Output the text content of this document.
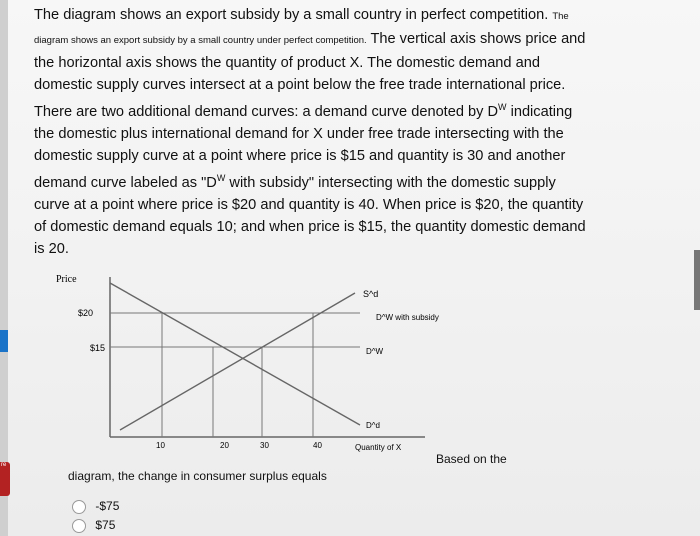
re
The diagram shows an export subsidy by a small country in perfect competition. The diagram shows an export subsidy by a small country under perfect competition. The vertical axis shows price and the horizontal axis shows the quantity of product X. The domestic demand and domestic supply curves intersect at a point below the free trade international price. There are two additional demand curves: a demand curve denoted by $D^W$ indicating the domestic plus international demand for X under free trade intersecting with the domestic supply curve at a point where price is $15 and quantity is 30 and another demand curve labeled as "$D^W$ with subsidy" intersecting with the domestic supply curve at a point where price is $20 and quantity is 40. When price is $20, the quantity of domestic demand equals 10; and when price is $15, the quantity domestic demand is 20.
Price
$20
$15
10	20	30	40
S^d
D^W with subsidy
D^W
D^d
Quantity of X
Based on the
diagram, the change in consumer surplus equals
-$75
$75
